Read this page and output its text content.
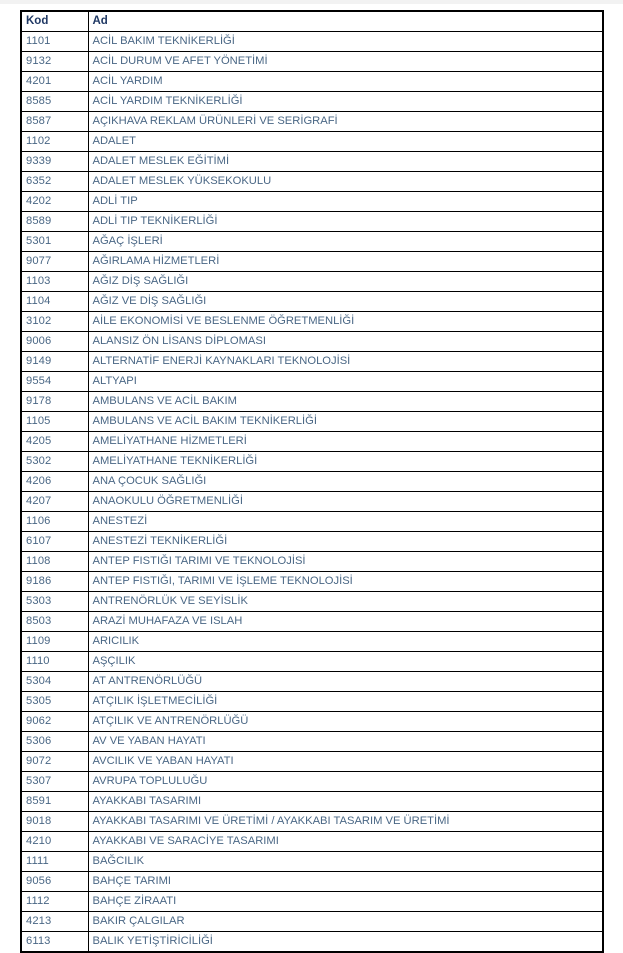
Kod	Ad
1101	ACİL BAKIM TEKNİKERLİĞİ
9132	ACİL DURUM VE AFET YÖNETİMİ
4201	ACİL YARDIM
8585	ACİL YARDIM TEKNİKERLİĞİ
8587	AÇIKHAVA REKLAM ÜRÜNLERİ VE SERİGRAFİ
1102	ADALET
9339	ADALET MESLEK EĞİTİMİ
6352	ADALET MESLEK YÜKSEKOKULU
4202	ADLİ TIP
8589	ADLİ TIP TEKNİKERLİĞİ
5301	AĞAÇ İŞLERİ
9077	AĞIRLAMA HİZMETLERİ
1103	AĞIZ DİŞ SAĞLIĞI
1104	AĞIZ VE DİŞ SAĞLIĞI
3102	AİLE EKONOMİSİ VE BESLENME ÖĞRETMENLİĞİ
9006	ALANSIZ ÖN LİSANS DİPLOMASI
9149	ALTERNATİF ENERJİ KAYNAKLARI TEKNOLOJİSİ
9554	ALTYAPI
9178	AMBULANS VE ACİL BAKIM
1105	AMBULANS VE ACİL BAKIM TEKNİKERLİĞİ
4205	AMELİYATHANE HİZMETLERİ
5302	AMELİYATHANE TEKNİKERLİĞİ
4206	ANA ÇOCUK SAĞLIĞI
4207	ANAOKULU ÖĞRETMENLİĞİ
1106	ANESTEZİ
6107	ANESTEZİ TEKNİKERLİĞİ
1108	ANTEP FISTIĞI TARIMI VE TEKNOLOJİSİ
9186	ANTEP FISTIĞI, TARIMI VE İŞLEME TEKNOLOJİSİ
5303	ANTRENÖRLÜK VE SEYİSLİK
8503	ARAZİ MUHAFAZA VE ISLAH
1109	ARICILIK
1110	AŞÇILIK
5304	AT ANTRENÖRLÜĞÜ
5305	ATÇILIK İŞLETMECİLİĞİ
9062	ATÇILIK VE ANTRENÖRLÜĞÜ
5306	AV VE YABAN HAYATI
9072	AVCILIK VE YABAN HAYATI
5307	AVRUPA TOPLULUĞU
8591	AYAKKABI TASARIMI
9018	AYAKKABI TASARIMI VE ÜRETİMİ / AYAKKABI TASARIM VE ÜRETİMİ
4210	AYAKKABI VE SARACİYE TASARIMI
1111	BAĞCILIK
9056	BAHÇE TARIMI
1112	BAHÇE ZİRAATI
4213	BAKIR ÇALGILAR
6113	BALIK YETİŞTİRİCİLİĞİ
